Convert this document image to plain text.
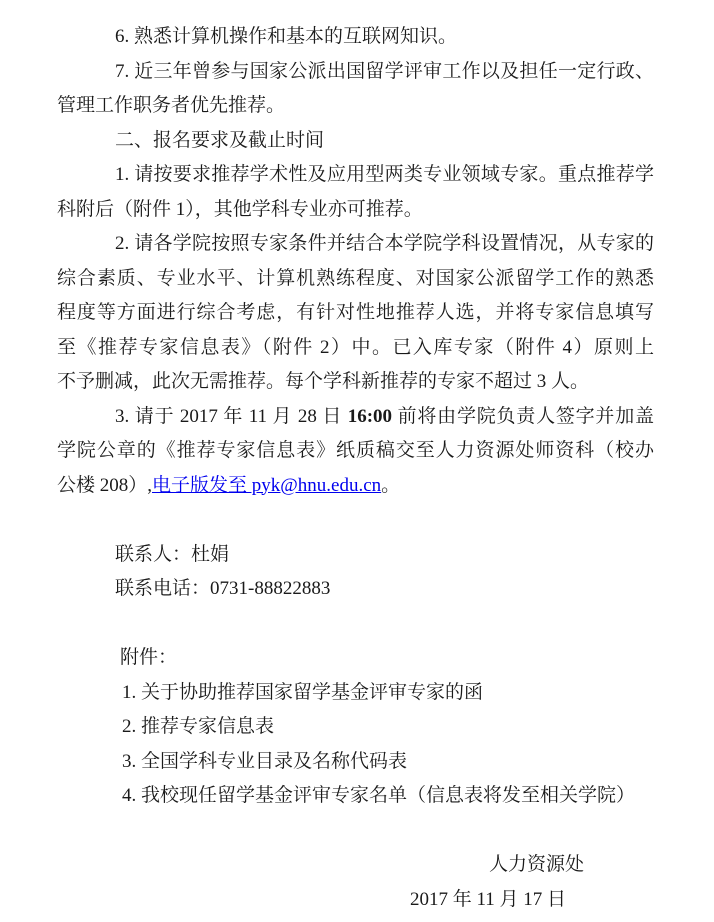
6. 熟悉计算机操作和基本的互联网知识。
7. 近三年曾参与国家公派出国留学评审工作以及担任一定行政、
管理工作职务者优先推荐。
二、报名要求及截止时间
1. 请按要求推荐学术性及应用型两类专业领域专家。重点推荐学
科附后（附件 1），其他学科专业亦可推荐。
2. 请各学院按照专家条件并结合本学院学科设置情况，从专家的
综合素质、专业水平、计算机熟练程度、对国家公派留学工作的熟悉
程度等方面进行综合考虑，有针对性地推荐人选，并将专家信息填写
至《推荐专家信息表》（附件 2）中。已入库专家（附件 4）原则上
不予删减，此次无需推荐。每个学科新推荐的专家不超过 3 人。
3. 请于 2017 年 11 月 28 日 16:00 前将由学院负责人签字并加盖
学院公章的《推荐专家信息表》纸质稿交至人力资源处师资科（校办
公楼 208）,电子版发至 pyk@hnu.edu.cn。
联系人：杜娟
联系电话：0731-88822883
附件：
1. 关于协助推荐国家留学基金评审专家的函
2. 推荐专家信息表
3. 全国学科专业目录及名称代码表
4. 我校现任留学基金评审专家名单（信息表将发至相关学院）
人力资源处
2017 年 11 月 17 日
